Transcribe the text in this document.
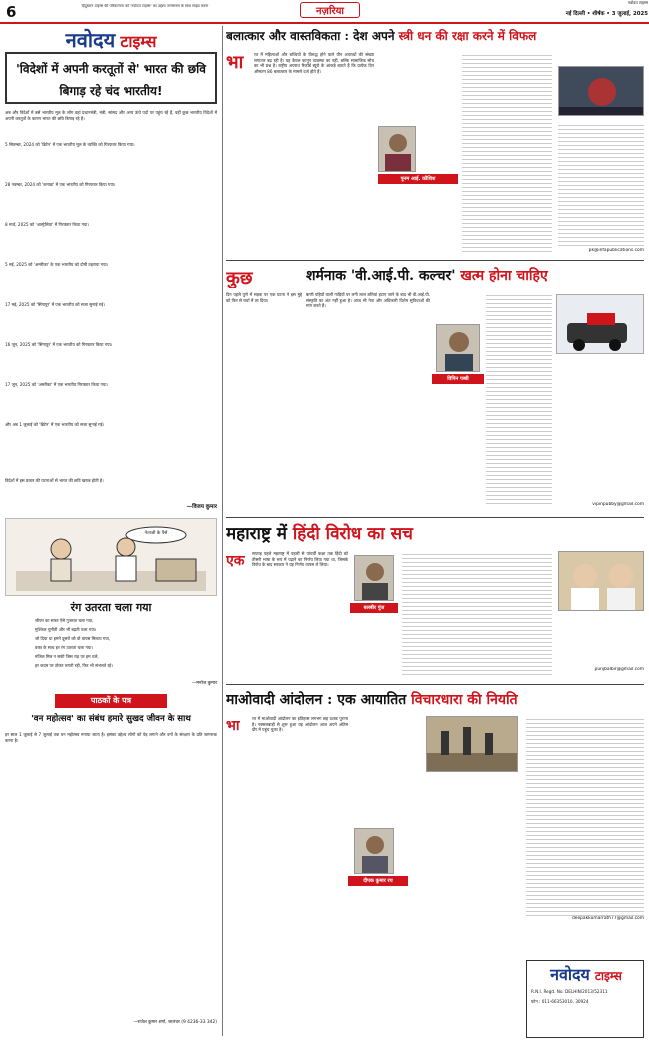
6	हिंदुस्तान टाइम्स की परिकल्पना को 'नवोदय टाइम्स' का उद्देश्य जनमानस के साथ साझा करना
नज़रिया
नवोदय टाइम्स
नई दिल्ली • शीर्षक • 3 जुलाई, 2025
नवोदय टाइम्स
'विदेशों में अपनी करतूतों से' भारत की छवि बिगाड़ रहे चंद भारतीय!
अब और विदेशों में बसे भारतीय मूल के लोग वहां प्रधानमंत्री, मंत्री, सांसद और अन्य ऊंचे पदों पर पहुंच रहे हैं, वहीं कुछ भारतीय विदेशों में अपनी करतूतों के कारण भारत की छवि बिगाड़ रहे हैं।
5 सितम्बर, 2024 को 'ब्रिटेन' में एक भारतीय मूल के व्यक्ति को गिरफ्तार किया गया।
28 नवम्बर, 2024 को 'कनाडा' में एक भारतीय को गिरफ्तार किया गया।
8 मार्च, 2025 को 'आस्ट्रेलिया' में गिरफ्तार किया गया।
5 मई, 2025 को 'अमरीका' के एक भारतीय को दोषी ठहराया गया।
17 मई, 2025 को 'सिंगापुर' में एक भारतीय को सजा सुनाई गई।
16 जून, 2025 को 'सिंगापुर' में एक भारतीय को गिरफ्तार किया गया।
17 जून, 2025 को 'अमरीका' में एक भारतीय गिरफ्तार किया गया।
और अब 1 जुलाई को 'ब्रिटेन' में एक भारतीय को सजा सुनाई गई।
विदेशों में इस प्रकार की घटनाओं से भारत की छवि खराब होती है।
—विजय कुमार
नेताजी के पैसे
रंग उतरता चला गया
जीवन का सफर ऐसे गुजरता चला गया,
मुश्किल चुनौती और भी बढ़ती चला गया।
जो दिया था हमने दूसरों को वो वापस मिलता गया,
वक्त के साथ हर रंग उतरता चला गया।
मंजिल मिल न सकी जिस राह पर हम चले,
हर कदम पर ठोकर लगती रही, फिर भी संभलते रहे।
—मनोज कुमार
पाठकों के पत्र
'वन महोत्सव' का संबंध हमारे सुखद जीवन के साथ
हर साल 1 जुलाई से 7 जुलाई तक वन महोत्सव मनाया जाता है। इसका उद्देश्य लोगों को पेड़ लगाने और वनों के संरक्षण के प्रति जागरूक करना है।
—राजेश कुमार शर्मा, जालंधर (9 4236-33 342)
बलात्कार और वास्तविकता : देश अपने स्त्री धन की रक्षा करने में विफल
भा	रत में महिलाओं और बच्चियों के विरुद्ध होने वाले यौन अपराधों की संख्या लगातार बढ़ रही है। यह केवल कानून व्यवस्था का नहीं, बल्कि सामाजिक सोच का भी प्रश्न है। राष्ट्रीय अपराध रिकॉर्ड ब्यूरो के आंकड़े बताते हैं कि प्रत्येक दिन औसतन 86 बलात्कार के मामले दर्ज होते हैं।
पूनम आई. कौशिश
pk@infapublications.com
कुछ
दिन पहले पुणे में सड़क पर एक घटना ने इस मुद्दे को फिर से चर्चा में ला दिया।
शर्मनाक 'वी.आई.पी. कल्चर' खत्म होना चाहिए
विपिन पब्बी
बाणी पहियों वाली गाड़ियों पर लगी लाल बत्तियां हटाए जाने के बाद भी वी.आई.पी. संस्कृति का अंत नहीं हुआ है। आज भी नेता और अधिकारी विशेष सुविधाओं की मांग करते हैं।
vipinpubby@gmail.com
महाराष्ट्र में हिंदी विरोध का सच
एक	सप्ताह पहले महाराष्ट्र में पहली से पांचवीं कक्षा तक हिंदी को तीसरी भाषा के रूप में पढ़ाने का निर्णय लिया गया था, जिसके विरोध के बाद सरकार ने यह निर्णय वापस ले लिया।
बलबीर पुंज
punjbalbir@gmail.com
माओवादी आंदोलन : एक आयातित विचारधारा की नियति
भा	रत में माओवादी आंदोलन का इतिहास लगभग छह दशक पुराना है। नक्सलबाड़ी से शुरू हुआ यह आंदोलन आज अपने अंतिम दौर में पहुंच चुका है।
दीपक कुमार रथ
deepakkumarrath77@gmail.com
नवोदय टाइम्स
R.N.I. Regd. No. DELHIN/2013/52311
फोन : 011-66353010, 30924
